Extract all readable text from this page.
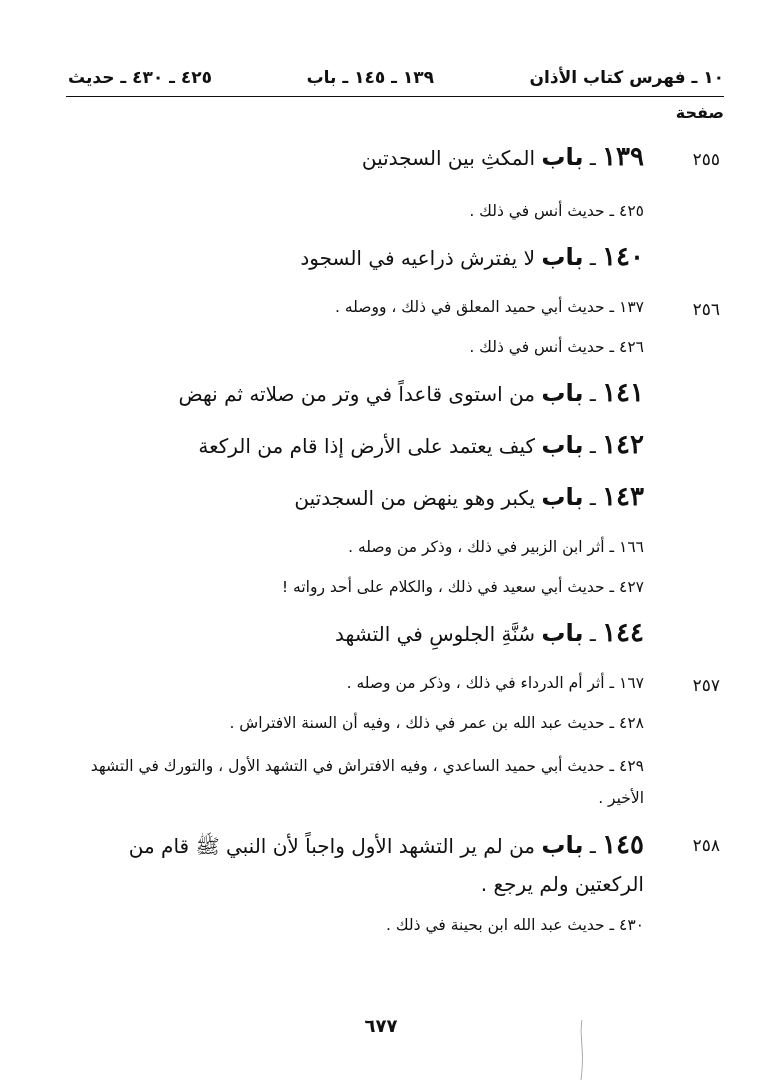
١٠ ـ فهرس كتاب الأذان
١٣٩ ـ ١٤٥ ـ باب
٤٢٥ ـ ٤٣٠ ـ حديث
صفحة
٢٥٥
١٣٩ ـ باب المكثِ بين السجدتين
٤٢٥ ـ حديث أنس في ذلك .
١٤٠ ـ باب لا يفترش ذراعيه في السجود
٢٥٦
١٣٧ ـ حديث أبي حميد المعلق في ذلك ، ووصله .
٤٢٦ ـ حديث أنس في ذلك .
١٤١ ـ باب من استوى قاعداً في وتر من صلاته ثم نهض
١٤٢ ـ باب كيف يعتمد على الأرض إذا قام من الركعة
١٤٣ ـ باب يكبر وهو ينهض من السجدتين
١٦٦ ـ أثر ابن الزبير في ذلك ، وذكر من وصله .
٤٢٧ ـ حديث أبي سعيد في ذلك ، والكلام على أحد رواته !
١٤٤ ـ باب سُنَّةِ الجلوسِ في التشهد
٢٥٧
١٦٧ ـ أثر أم الدرداء في ذلك ، وذكر من وصله .
٤٢٨ ـ حديث عبد الله بن عمر في ذلك ، وفيه أن السنة الافتراش .
٤٢٩ ـ حديث أبي حميد الساعدي ، وفيه الافتراش في التشهد الأول ، والتورك في التشهد الأخير .
٢٥٨
١٤٥ ـ باب من لم ير التشهد الأول واجباً لأن النبي ﷺ قام من الركعتين ولم يرجع .
٤٣٠ ـ حديث عبد الله ابن بحينة في ذلك .
٦٧٧
